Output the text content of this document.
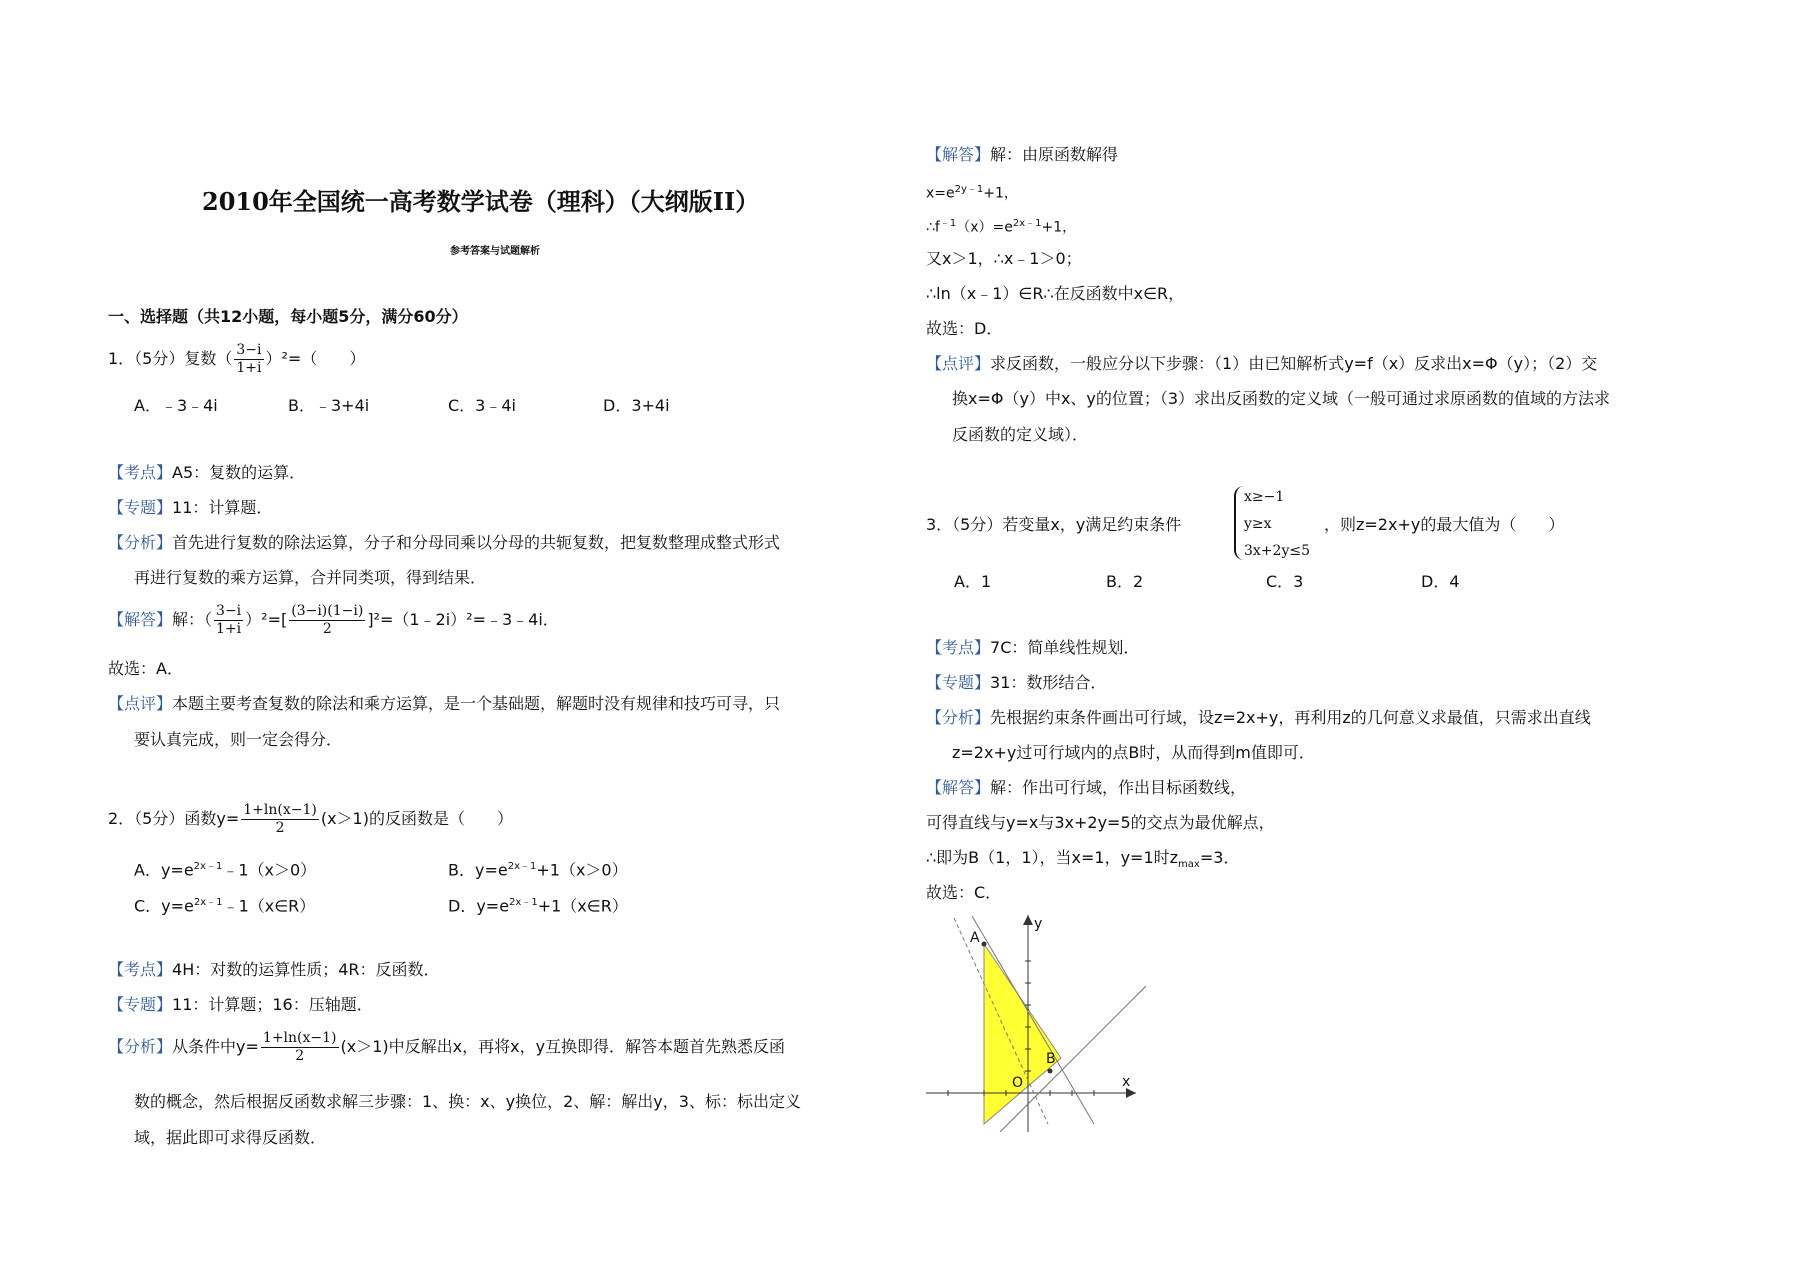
2010年全国统一高考数学试卷（理科）（大纲版II）
参考答案与试题解析
一、选择题（共12小题，每小题5分，满分60分）
1．（5分）复数（ $\frac{3-i}{1+i} )^2=$（　　）
A．﹣3﹣4i	B．﹣3+4i	C．3﹣4i	D．3+4i
【考点】A5：复数的运算．
【专题】11：计算题．
【分析】首先进行复数的除法运算，分子和分母同乘以分母的共轭复数，把复数整理成整式形式
再进行复数的乘方运算，合并同类项，得到结果．
【解答】解：（ $\frac{3-i}{1+i} )^2=[ \frac{(3-i)(1-i)}{2}$ ]²=（1﹣2i）²=﹣3﹣4i．
故选：A．
【点评】本题主要考查复数的除法和乘方运算，是一个基础题，解题时没有规律和技巧可寻，只
要认真完成，则一定会得分．
2．（5分）函数$y= \frac{1+\ln(x-1)}{2} (x>1)$的反函数是（　　）
A．$y=e^{2x﹣1}﹣1(x>0)$	B．$y=e^{2x﹣1}+1(x>0)$
C．$y=e^{2x﹣1}﹣1(x\in R)$	D．$y=e^{2x﹣1}+1(x\in R)$
【考点】4H：对数的运算性质；4R：反函数．
【专题】11：计算题；16：压轴题．
【分析】从条件中$y= \frac{1+\ln(x-1)}{2} (x>1)$中反解出x，再将x，y互换即得．解答本题首先熟悉反函
数的概念，然后根据反函数求解三步骤：1、换：x、y换位，2、解：解出y，3、标：标出定义
域，据此即可求得反函数．
【解答】解：由原函数解得
$x=e^{2y﹣1}+1$，
$\therefore f^{﹣1}(x)=e^{2x﹣1}+1$，
又x＞1，∴x﹣1＞0；
∴ln（x﹣1）∈R∴在反函数中x∈R，
故选：D．
【点评】求反函数，一般应分以下步骤：（1）由已知解析式y=f（x）反求出x=Φ（y）；（2）交
换x=Φ（y）中x、y的位置；（3）求出反函数的定义域（一般可通过求原函数的值域的方法求
反函数的定义域）．
3．（5分）若变量x，y满足约束条件
x≥−1
y≥x
3x+2y≤5
，则z=2x+y的最大值为（　　）
A．1	B．2	C．3	D．4
【考点】7C：简单线性规划．
【专题】31：数形结合．
【分析】先根据约束条件画出可行域，设z=2x+y，再利用z的几何意义求最值，只需求出直线
z=2x+y过可行域内的点B时，从而得到m值即可．
【解答】解：作出可行域，作出目标函数线，
可得直线与y=x与3x+2y=5的交点为最优解点，
∴即为B（1，1），当x=1，y=1时$z_{max}=3$．
故选：C．
A
B
O	x
y
